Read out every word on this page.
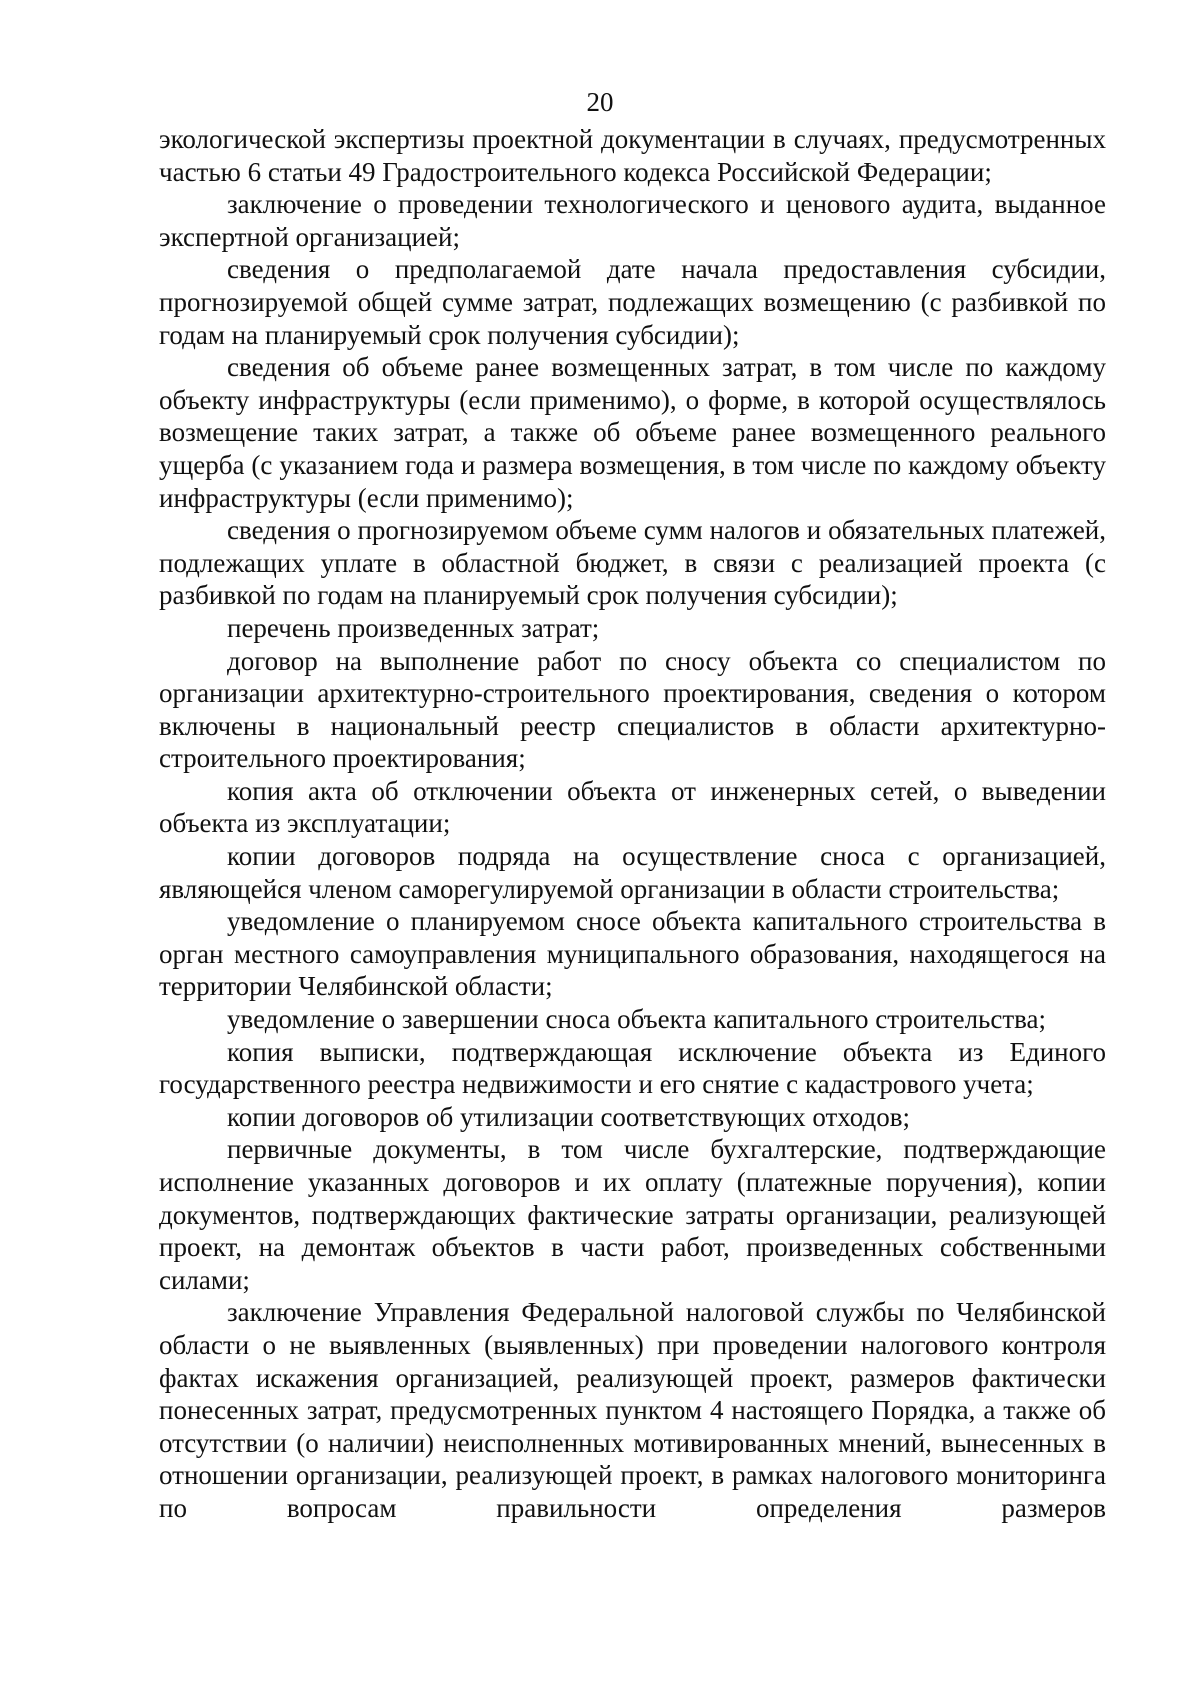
20

экологической экспертизы проектной документации в случаях, предусмотренных частью 6 статьи 49 Градостроительного кодекса Российской Федерации;

заключение о проведении технологического и ценового аудита, выданное экспертной организацией;

сведения о предполагаемой дате начала предоставления субсидии, прогнозируемой общей сумме затрат, подлежащих возмещению (с разбивкой по годам на планируемый срок получения субсидии);

сведения об объеме ранее возмещенных затрат, в том числе по каждому объекту инфраструктуры (если применимо), о форме, в которой осуществлялось возмещение таких затрат, а также об объеме ранее возмещенного реального ущерба (с указанием года и размера возмещения, в том числе по каждому объекту инфраструктуры (если применимо);

сведения о прогнозируемом объеме сумм налогов и обязательных платежей, подлежащих уплате в областной бюджет, в связи с реализацией проекта (с разбивкой по годам на планируемый срок получения субсидии);

перечень произведенных затрат;

договор на выполнение работ по сносу объекта со специалистом по организации архитектурно-строительного проектирования, сведения о котором включены в национальный реестр специалистов в области архитектурно-строительного проектирования;

копия акта об отключении объекта от инженерных сетей, о выведении объекта из эксплуатации;

копии договоров подряда на осуществление сноса с организацией, являющейся членом саморегулируемой организации в области строительства;

уведомление о планируемом сносе объекта капитального строительства в орган местного самоуправления муниципального образования, находящегося на территории Челябинской области;

уведомление о завершении сноса объекта капитального строительства;

копия выписки, подтверждающая исключение объекта из Единого государственного реестра недвижимости и его снятие с кадастрового учета;

копии договоров об утилизации соответствующих отходов;

первичные документы, в том числе бухгалтерские, подтверждающие исполнение указанных договоров и их оплату (платежные поручения), копии документов, подтверждающих фактические затраты организации, реализующей проект, на демонтаж объектов в части работ, произведенных собственными силами;

заключение Управления Федеральной налоговой службы по Челябинской области о не выявленных (выявленных) при проведении налогового контроля фактах искажения организацией, реализующей проект, размеров фактически понесенных затрат, предусмотренных пунктом 4 настоящего Порядка, а также об отсутствии (о наличии) неисполненных мотивированных мнений, вынесенных в отношении организации, реализующей проект, в рамках налогового мониторинга по вопросам правильности определения размеров
